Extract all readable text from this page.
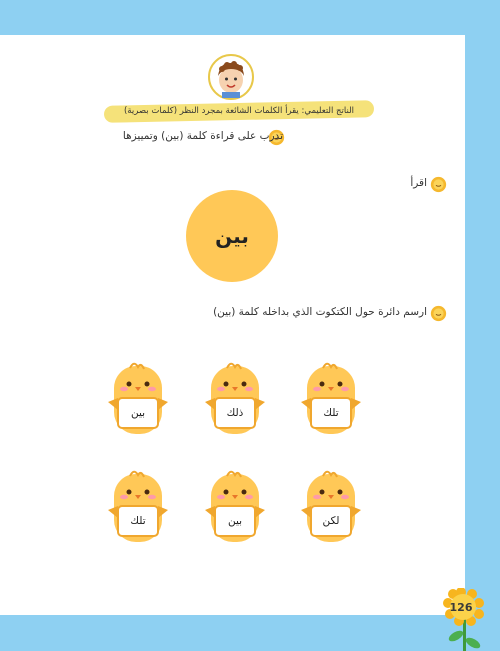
الناتج التعليمي: يقرأ الكلمات الشائعة بمجرد النظر (كلمات بصرية)
تدرب على قراءة كلمة (بين) وتمييزها
اقرأ
بين
ارسم دائرة حول الكتكوت الذي بداخله كلمة (بين)
تلك
ذلك
بين
لكن
بين
تلك
126
